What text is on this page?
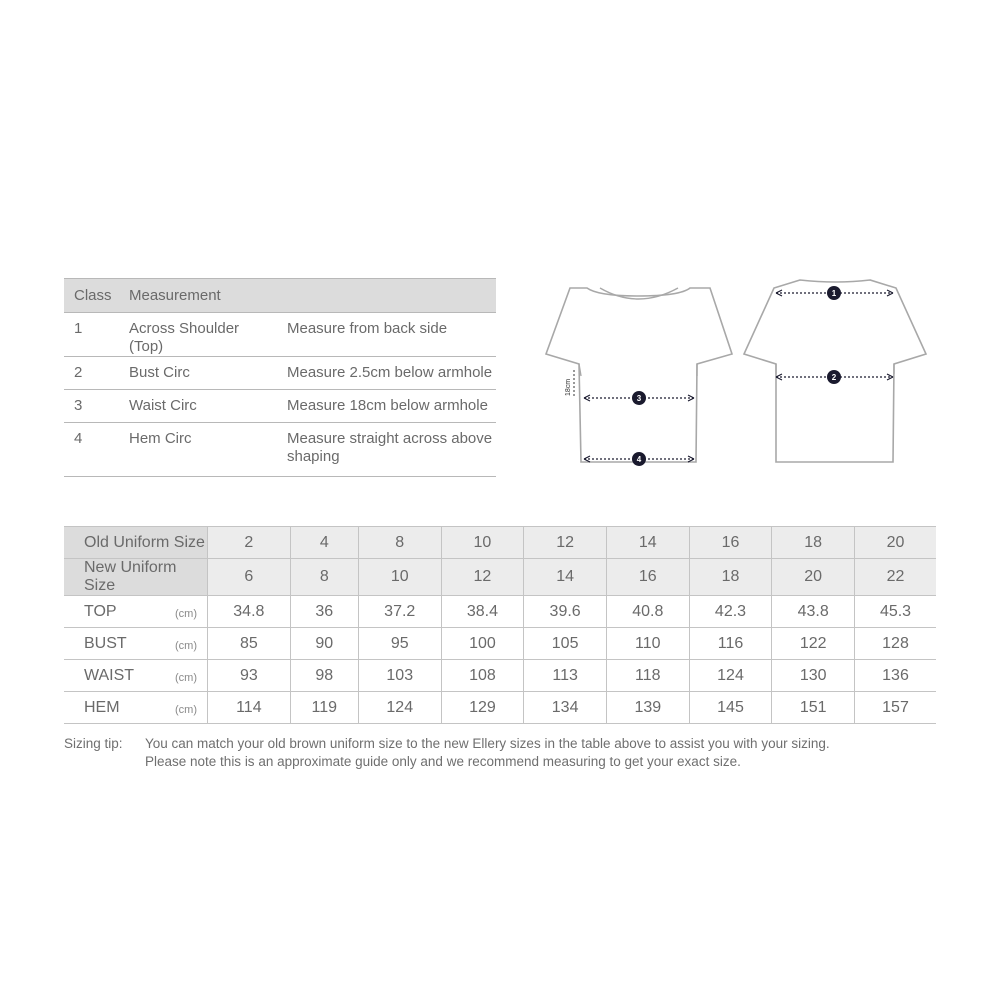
Class	Measurement	
1	Across Shoulder (Top)	Measure from back side
2	Bust Circ	Measure 2.5cm below armhole
3	Waist Circ	Measure 18cm below armhole
4	Hem Circ	Measure straight across above shaping
18cm
3
4
1
2
Old Uniform Size	2	4	8	10	12	14	16	18	20
New Uniform Size	6	8	10	12	14	16	18	20	22
TOP (cm)	34.8	36	37.2	38.4	39.6	40.8	42.3	43.8	45.3
BUST (cm)	85	90	95	100	105	110	116	122	128
WAIST (cm)	93	98	103	108	113	118	124	130	136
HEM (cm)	114	119	124	129	134	139	145	151	157
Sizing tip:	You can match your old brown uniform size to the new Ellery sizes in the table above to assist you with your sizing.
Please note this is an approximate guide only and we recommend measuring to get your exact size.
